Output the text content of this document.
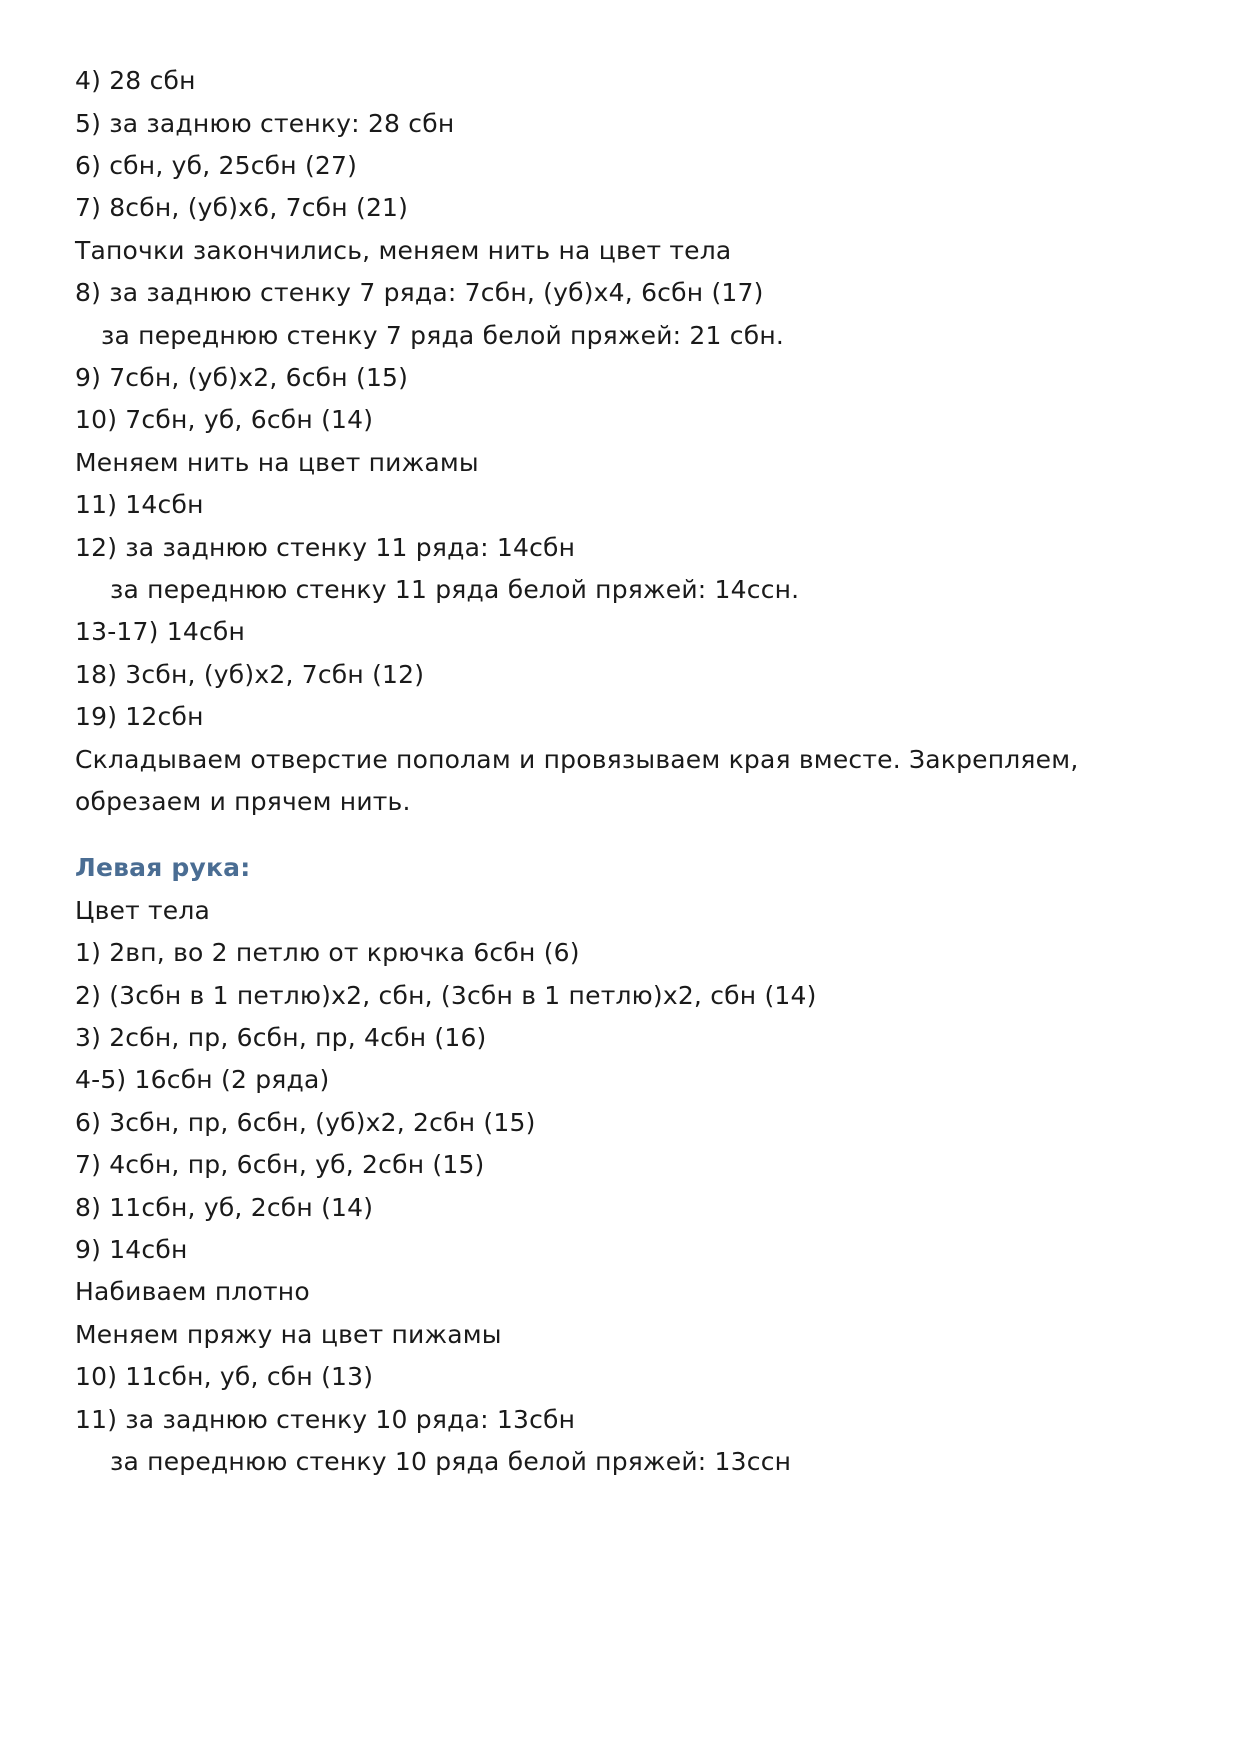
4) 28 сбн
5) за заднюю стенку: 28 сбн
6) сбн, уб, 25сбн (27)
7) 8сбн, (уб)х6, 7сбн (21)
Тапочки закончились, меняем нить на цвет тела
8) за заднюю стенку 7 ряда: 7сбн, (уб)х4, 6сбн (17)
за переднюю стенку 7 ряда белой пряжей: 21 сбн.
9) 7сбн, (уб)х2, 6сбн (15)
10) 7сбн, уб, 6сбн (14)
Меняем нить на цвет пижамы
11) 14сбн
12) за заднюю стенку 11 ряда: 14сбн
за переднюю стенку 11 ряда белой пряжей: 14ссн.
13-17) 14сбн
18) 3сбн, (уб)х2, 7сбн (12)
19) 12сбн
Складываем отверстие пополам и провязываем края вместе. Закрепляем,
обрезаем и прячем нить.
Левая рука:
Цвет тела
1) 2вп, во 2 петлю от крючка 6сбн (6)
2) (3сбн в 1 петлю)х2, сбн, (3сбн в 1 петлю)х2, сбн (14)
3) 2сбн, пр, 6сбн, пр, 4сбн (16)
4-5) 16сбн (2 ряда)
6) 3сбн, пр, 6сбн, (уб)х2, 2сбн (15)
7) 4сбн, пр, 6сбн, уб, 2сбн (15)
8) 11сбн, уб, 2сбн (14)
9) 14сбн
Набиваем плотно
Меняем пряжу на цвет пижамы
10) 11сбн, уб, сбн (13)
11) за заднюю стенку 10 ряда: 13сбн
за переднюю стенку 10 ряда белой пряжей: 13ссн
